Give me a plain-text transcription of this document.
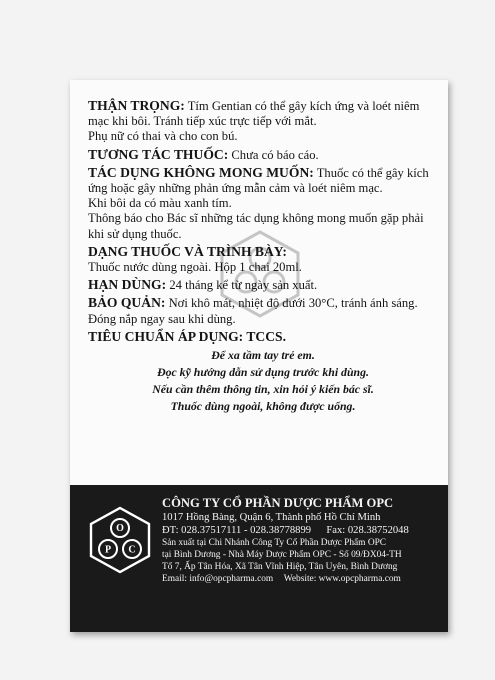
THẬN TRỌNG: Tím Gentian có thể gây kích ứng và loét niêm mạc khi bôi. Tránh tiếp xúc trực tiếp với mắt.
Phụ nữ có thai và cho con bú.

TƯƠNG TÁC THUỐC: Chưa có báo cáo.

TÁC DỤNG KHÔNG MONG MUỐN: Thuốc có thể gây kích ứng hoặc gây những phản ứng mẫn cảm và loét niêm mạc.
Khi bôi da có màu xanh tím.
Thông báo cho Bác sĩ những tác dụng không mong muốn gặp phải khi sử dụng thuốc.

DẠNG THUỐC VÀ TRÌNH BÀY:
Thuốc nước dùng ngoài. Hộp 1 chai 20ml.

HẠN DÙNG: 24 tháng kể từ ngày sản xuất.

BẢO QUẢN: Nơi khô mát, nhiệt độ dưới 30°C, tránh ánh sáng.
Đóng nắp ngay sau khi dùng.

TIÊU CHUẨN ÁP DỤNG: TCCS.

Để xa tầm tay trẻ em.
Đọc kỹ hướng dẫn sử dụng trước khi dùng.
Nếu cần thêm thông tin, xin hỏi ý kiến bác sĩ.
Thuốc dùng ngoài, không được uống.
O
P C
CÔNG TY CỔ PHẦN DƯỢC PHẨM OPC
1017 Hồng Bàng, Quận 6, Thành phố Hồ Chí Minh
ĐT: 028.37517111 - 028.38778899 Fax: 028.38752048
Sản xuất tại Chi Nhánh Công Ty Cổ Phần Dược Phẩm OPC
tại Bình Dương - Nhà Máy Dược Phẩm OPC - Số 09/ĐX04-TH
Tổ 7, Ấp Tân Hóa, Xã Tân Vĩnh Hiệp, Tân Uyên, Bình Dương
Email: info@opcpharma.com Website: www.opcpharma.com
